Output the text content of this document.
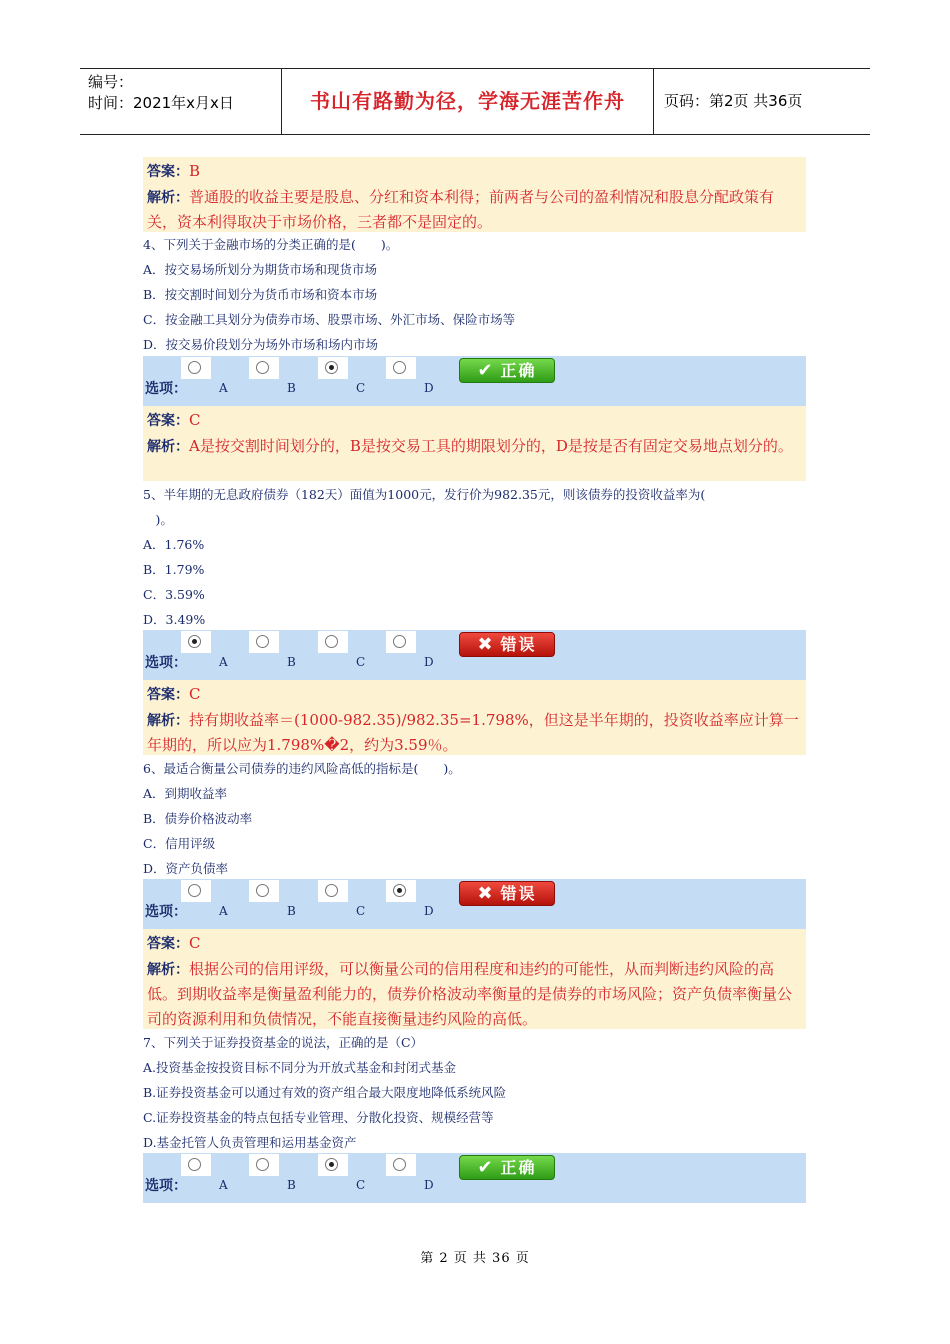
编号：
时间：2021年x月x日	书山有路勤为径，学海无涯苦作舟	页码：第2页 共36页
答案：B
解析：普通股的收益主要是股息、分红和资本利得；前两者与公司的盈利情况和股息分配政策有关，资本利得取决于市场价格，三者都不是固定的。
4、下列关于金融市场的分类正确的是(　　)。
A．按交易场所划分为期货市场和现货市场
B．按交割时间划分为货币市场和资本市场
C．按金融工具划分为债券市场、股票市场、外汇市场、保险市场等
D．按交易价段划分为场外市场和场内市场
选项：	A	B	C	D
✔ 正确
答案：C
解析：A是按交割时间划分的，B是按交易工具的期限划分的，D是按是否有固定交易地点划分的。
5、半年期的无息政府债券（182天）面值为1000元，发行价为982.35元，则该债券的投资收益率为(
　)。
A．1.76%
B．1.79%
C．3.59%
D．3.49%
选项：	A	B	C	D
✖ 错误
答案：C
解析：持有期收益率＝(1000-982.35)/982.35=1.798%，但这是半年期的，投资收益率应计算一年期的，所以应为1.798%�2，约为3.59％。
6、最适合衡量公司债券的违约风险高低的指标是(　　)。
A．到期收益率
B．债券价格波动率
C．信用评级
D．资产负债率
选项：	A	B	C	D
✖ 错误
答案：C
解析：根据公司的信用评级，可以衡量公司的信用程度和违约的可能性，从而判断违约风险的高低。到期收益率是衡量盈利能力的，债券价格波动率衡量的是债券的市场风险；资产负债率衡量公司的资源利用和负债情况，不能直接衡量违约风险的高低。
7、下列关于证券投资基金的说法，正确的是（C）
A.投资基金按投资目标不同分为开放式基金和封闭式基金
B.证券投资基金可以通过有效的资产组合最大限度地降低系统风险
C.证券投资基金的特点包括专业管理、分散化投资、规模经营等
D.基金托管人负责管理和运用基金资产
选项：	A	B	C	D
✔ 正确
第 2 页 共 36 页
